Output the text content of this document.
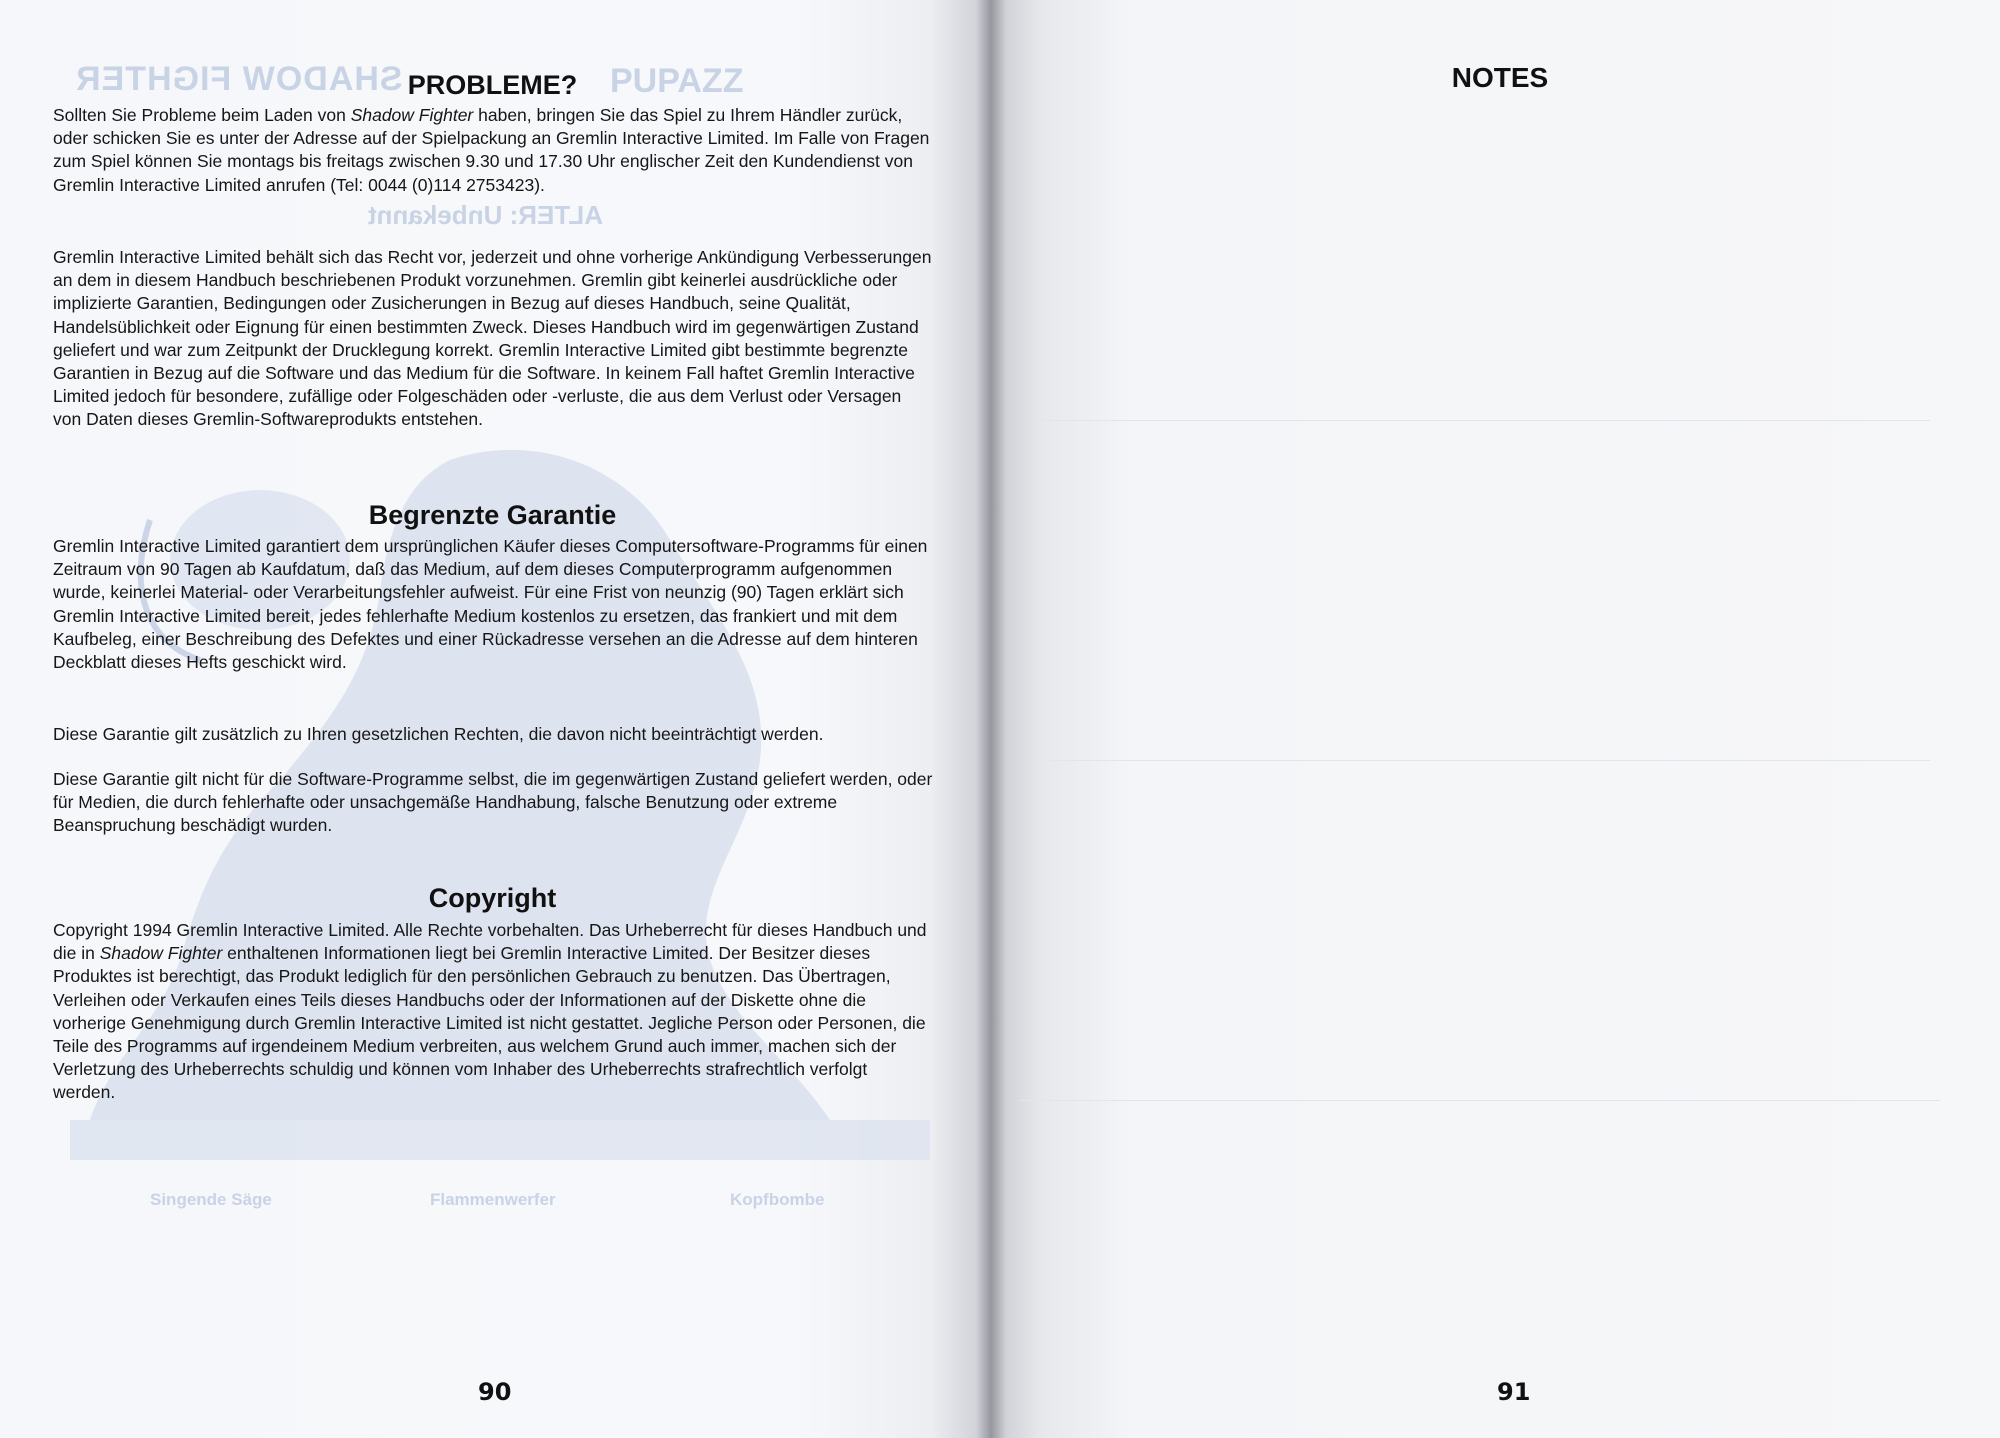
SHADOW FIGHTER	PUPAZZ
ALTER: Unbekannt
Singende Säge	Flammenwerfer	Kopfbombe
PROBLEME?
Sollten Sie Probleme beim Laden von Shadow Fighter haben, bringen Sie das Spiel zu Ihrem Händler zurück, oder schicken Sie es unter der Adresse auf der Spielpackung an Gremlin Interactive Limited. Im Falle von Fragen zum Spiel können Sie montags bis freitags zwischen 9.30 und 17.30 Uhr englischer Zeit den Kundendienst von Gremlin Interactive Limited anrufen (Tel: 0044 (0)114 2753423).
Gremlin Interactive Limited behält sich das Recht vor, jederzeit und ohne vorherige Ankündigung Verbesserungen an dem in diesem Handbuch beschriebenen Produkt vorzunehmen. Gremlin gibt keinerlei ausdrückliche oder implizierte Garantien, Bedingungen oder Zusicherungen in Bezug auf dieses Handbuch, seine Qualität, Handelsüblichkeit oder Eignung für einen bestimmten Zweck. Dieses Handbuch wird im gegenwärtigen Zustand geliefert und war zum Zeitpunkt der Drucklegung korrekt. Gremlin Interactive Limited gibt bestimmte begrenzte Garantien in Bezug auf die Software und das Medium für die Software. In keinem Fall haftet Gremlin Interactive Limited jedoch für besondere, zufällige oder Folgeschäden oder -verluste, die aus dem Verlust oder Versagen von Daten dieses Gremlin-Softwareprodukts entstehen.
Begrenzte Garantie
Gremlin Interactive Limited garantiert dem ursprünglichen Käufer dieses Computersoftware-Programms für einen Zeitraum von 90 Tagen ab Kaufdatum, daß das Medium, auf dem dieses Computerprogramm aufgenommen wurde, keinerlei Material- oder Verarbeitungsfehler aufweist. Für eine Frist von neunzig (90) Tagen erklärt sich Gremlin Interactive Limited bereit, jedes fehlerhafte Medium kostenlos zu ersetzen, das frankiert und mit dem Kaufbeleg, einer Beschreibung des Defektes und einer Rückadresse versehen an die Adresse auf dem hinteren Deckblatt dieses Hefts geschickt wird.
Diese Garantie gilt zusätzlich zu Ihren gesetzlichen Rechten, die davon nicht beeinträchtigt werden.
Diese Garantie gilt nicht für die Software-Programme selbst, die im gegenwärtigen Zustand geliefert werden, oder für Medien, die durch fehlerhafte oder unsachgemäße Handhabung, falsche Benutzung oder extreme Beanspruchung beschädigt wurden.
Copyright
Copyright 1994 Gremlin Interactive Limited. Alle Rechte vorbehalten. Das Urheberrecht für dieses Handbuch und die in Shadow Fighter enthaltenen Informationen liegt bei Gremlin Interactive Limited. Der Besitzer dieses Produktes ist berechtigt, das Produkt lediglich für den persönlichen Gebrauch zu benutzen. Das Übertragen, Verleihen oder Verkaufen eines Teils dieses Handbuchs oder der Informationen auf der Diskette ohne die vorherige Genehmigung durch Gremlin Interactive Limited ist nicht gestattet. Jegliche Person oder Personen, die Teile des Programms auf irgendeinem Medium verbreiten, aus welchem Grund auch immer, machen sich der Verletzung des Urheberrechts schuldig und können vom Inhaber des Urheberrechts strafrechtlich verfolgt werden.
90
NOTES
91
